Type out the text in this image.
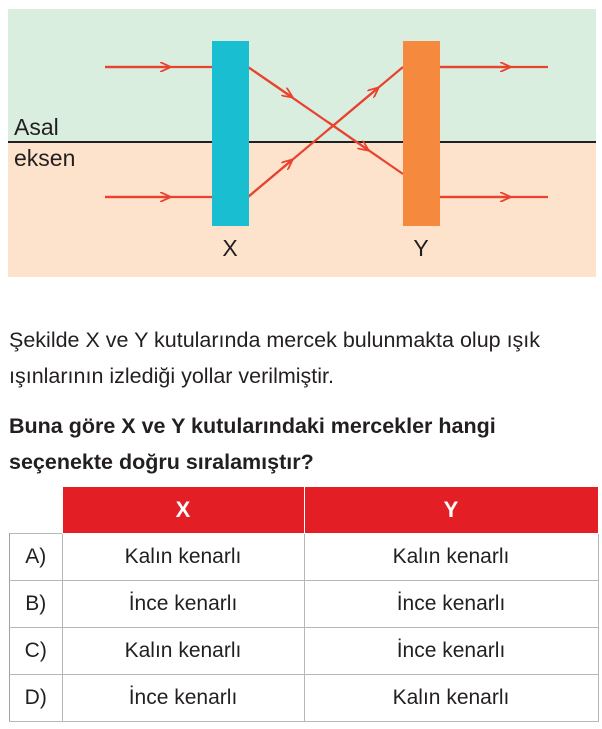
Asal
eksen
X	Y

Şekilde X ve Y kutularında mercek bulunmakta olup ışık ışınlarının izlediği yollar verilmiştir.

Buna göre X ve Y kutularındaki mercekler hangi seçenekte doğru sıralamıştır?

	X	Y
A)	Kalın kenarlı	Kalın kenarlı
B)	İnce kenarlı	İnce kenarlı
C)	Kalın kenarlı	İnce kenarlı
D)	İnce kenarlı	Kalın kenarlı
